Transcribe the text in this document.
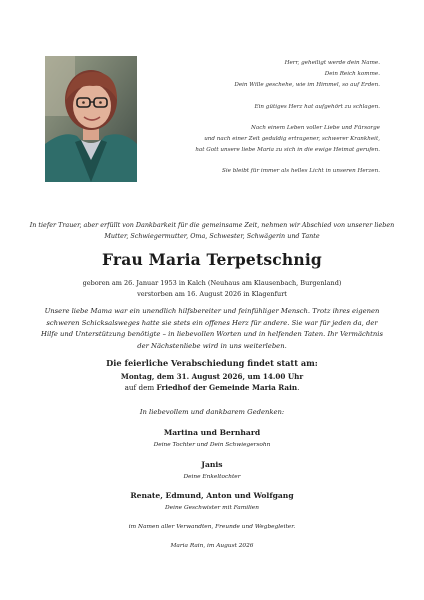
Herr, geheiligt werde dein Name.
Dein Reich komme.
Dein Wille geschehe, wie im Himmel, so auf Erden.
Ein gütiges Herz hat aufgehört zu schlagen.
Nach einem Leben voller Liebe und Fürsorge
und nach einer Zeit geduldig ertragener, schwerer Krankheit,
hat Gott unsere liebe Maria zu sich in die ewige Heimat gerufen.
Sie bleibt für immer als helles Licht in unseren Herzen.
In tiefer Trauer, aber erfüllt von Dankbarkeit für die gemeinsame Zeit, nehmen wir Abschied von unserer lieben Mutter, Schwiegermutter, Oma, Schwester, Schwägerin und Tante
Frau Maria Terpetschnig
geboren am 26. Januar 1953 in Kalch (Neuhaus am Klausenbach, Burgenland)
verstorben am 16. August 2026 in Klagenfurt
Unsere liebe Mama war ein unendlich hilfsbereiter und feinfühliger Mensch. Trotz ihres eigenen schweren Schicksalsweges hatte sie stets ein offenes Herz für andere. Sie war für jeden da, der Hilfe und Unterstützung benötigte – in liebevollen Worten und in helfenden Taten. Ihr Vermächtnis der Nächstenliebe wird in uns weiterleben.
Die feierliche Verabschiedung findet statt am:
Montag, dem 31. August 2026, um 14.00 Uhr
auf dem Friedhof der Gemeinde Maria Rain.
In liebevollem und dankbarem Gedenken:
Martina und Bernhard
Deine Tochter und Dein Schwiegersohn
Janis
Deine Enkeltochter
Renate, Edmund, Anton und Wolfgang
Deine Geschwister mit Familien
im Namen aller Verwandten, Freunde und Wegbegleiter.
Maria Rain, im August 2026
